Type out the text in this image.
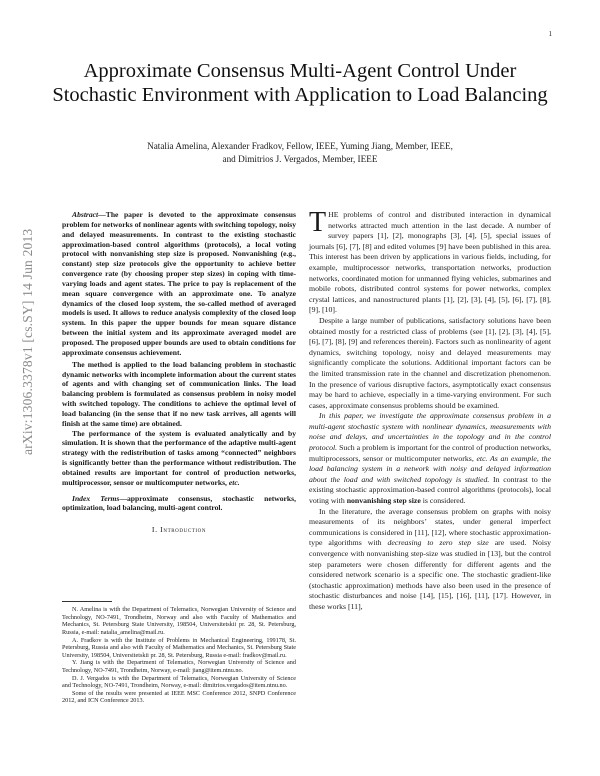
1
arXiv:1306.3378v1 [cs.SY] 14 Jun 2013
Approximate Consensus Multi-Agent Control Under Stochastic Environment with Application to Load Balancing
Natalia Amelina, Alexander Fradkov, Fellow, IEEE, Yuming Jiang, Member, IEEE,
and Dimitrios J. Vergados, Member, IEEE

Abstract—The paper is devoted to the approximate consensus problem for networks of nonlinear agents with switching topology, noisy and delayed measurements. In contrast to the existing stochastic approximation-based control algorithms (protocols), a local voting protocol with nonvanishing step size is proposed. Nonvanishing (e.g., constant) step size protocols give the opportunity to achieve better convergence rate (by choosing proper step sizes) in coping with time-varying loads and agent states. The price to pay is replacement of the mean square convergence with an approximate one. To analyze dynamics of the closed loop system, the so-called method of averaged models is used. It allows to reduce analysis complexity of the closed loop system. In this paper the upper bounds for mean square distance between the initial system and its approximate averaged model are proposed. The proposed upper bounds are used to obtain conditions for approximate consensus achievement.

The method is applied to the load balancing problem in stochastic dynamic networks with incomplete information about the current states of agents and with changing set of communication links. The load balancing problem is formulated as consensus problem in noisy model with switched topology. The conditions to achieve the optimal level of load balancing (in the sense that if no new task arrives, all agents will finish at the same time) are obtained.

The performance of the system is evaluated analytically and by simulation. It is shown that the performance of the adaptive multi-agent strategy with the redistribution of tasks among “connected” neighbors is significantly better than the performance without redistribution. The obtained results are important for control of production networks, multiprocessor, sensor or multicomputer networks, etc.

Index Terms—approximate consensus, stochastic networks, optimization, load balancing, multi-agent control.

I. Introduction

N. Amelina is with the Department of Telematics, Norwegian University of Science and Technology, NO-7491, Trondheim, Norway and also with Faculty of Mathematics and Mechanics, St. Petersburg State University, 198504, Universitetskii pr. 28, St. Petersburg, Russia, e-mail: natalia_amelina@mail.ru.

A. Fradkov is with the Institute of Problems in Mechanical Engineering, 199178, St. Petersburg, Russia and also with Faculty of Mathematics and Mechanics, St. Petersburg State University, 198504, Universitetskii pr. 28, St. Petersburg, Russia e-mail: fradkov@mail.ru.

Y. Jiang is with the Department of Telematics, Norwegian University of Science and Technology, NO-7491, Trondheim, Norway, e-mail: jiang@item.ntnu.no.

D. J. Vergados is with the Department of Telematics, Norwegian University of Science and Technology, NO-7491, Trondheim, Norway, e-mail: dimitrios.vergados@item.ntnu.no.

Some of the results were presented at IEEE MSC Conference 2012, SNPD Conference 2012, and ICN Conference 2013.

THE problems of control and distributed interaction in dynamical networks attracted much attention in the last decade. A number of survey papers [1], [2], monographs [3], [4], [5], special issues of journals [6], [7], [8] and edited volumes [9] have been published in this area. This interest has been driven by applications in various fields, including, for example, multiprocessor networks, transportation networks, production networks, coordinated motion for unmanned flying vehicles, submarines and mobile robots, distributed control systems for power networks, complex crystal lattices, and nanostructured plants [1], [2], [3], [4], [5], [6], [7], [8], [9], [10].

Despite a large number of publications, satisfactory solutions have been obtained mostly for a restricted class of problems (see [1], [2], [3], [4], [5], [6], [7], [8], [9] and references therein). Factors such as nonlinearity of agent dynamics, switching topology, noisy and delayed measurements may significantly complicate the solutions. Additional important factors can be the limited transmission rate in the channel and discretization phenomenon. In the presence of various disruptive factors, asymptotically exact consensus may be hard to achieve, especially in a time-varying environment. For such cases, approximate consensus problems should be examined.

In this paper, we investigate the approximate consensus problem in a multi-agent stochastic system with nonlinear dynamics, measurements with noise and delays, and uncertainties in the topology and in the control protocol. Such a problem is important for the control of production networks, multiprocessors, sensor or multicomputer networks, etc. As an example, the load balancing system in a network with noisy and delayed information about the load and with switched topology is studied. In contrast to the existing stochastic approximation-based control algorithms (protocols), local voting with nonvanishing step size is considered.

In the literature, the average consensus problem on graphs with noisy measurements of its neighbors’ states, under general imperfect communications is considered in [11], [12], where stochastic approximation-type algorithms with decreasing to zero step size are used. Noisy convergence with nonvanishing step-size was studied in [13], but the control step parameters were chosen differently for different agents and the considered network scenario is a specific one. The stochastic gradient-like (stochastic approximation) methods have also been used in the presence of stochastic disturbances and noise [14], [15], [16], [11], [17]. However, in these works [11],
